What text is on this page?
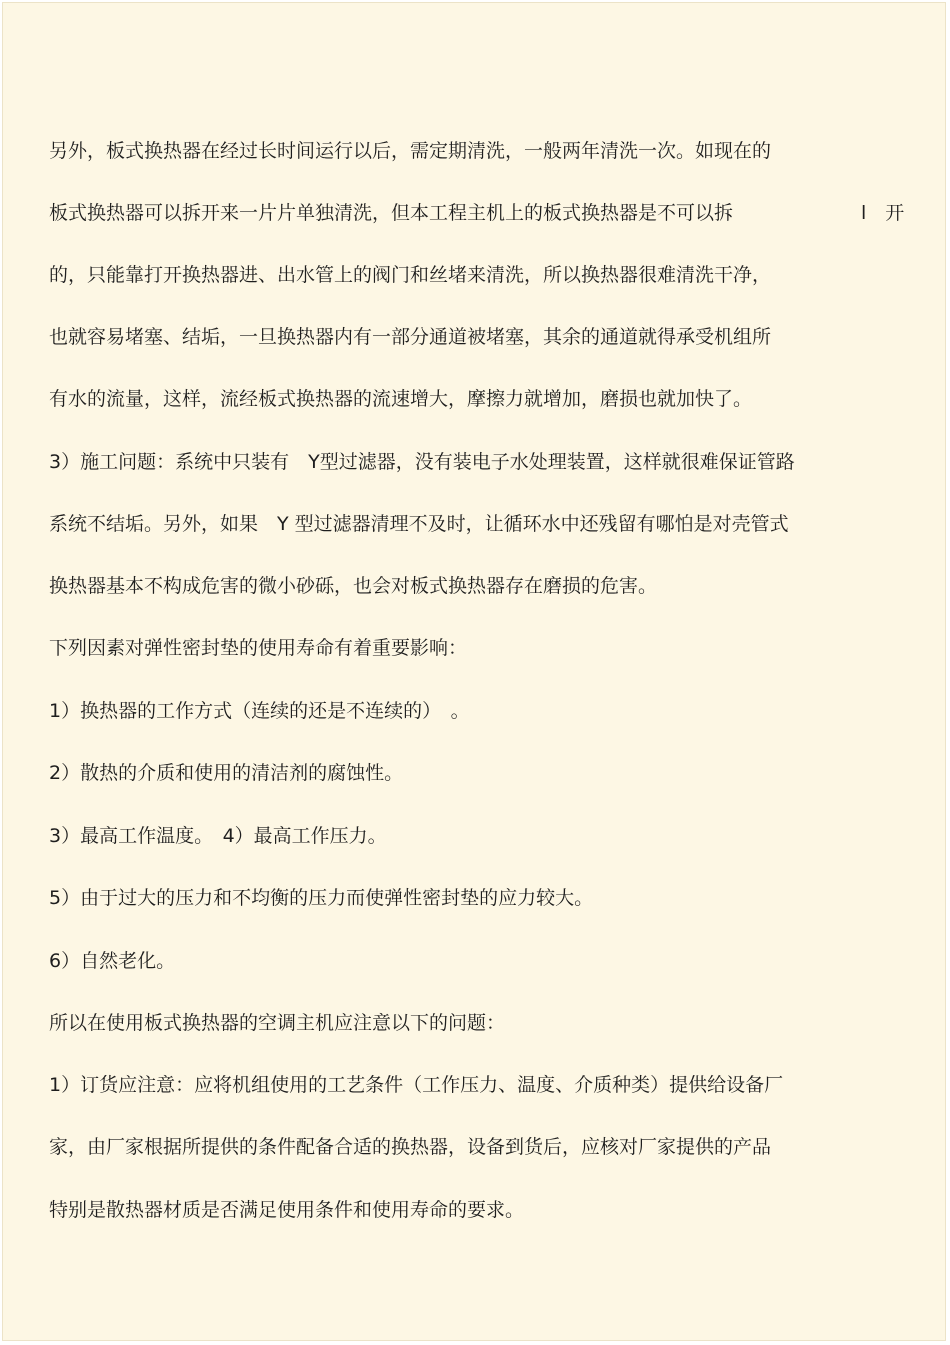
另外，板式换热器在经过长时间运行以后，需定期清洗，一般两年清洗一次。如现在的
板式换热器可以拆开来一片片单独清洗，但本工程主机上的板式换热器是不可以拆	l　开
的，只能靠打开换热器进、出水管上的阀门和丝堵来清洗，所以换热器很难清洗干净，
也就容易堵塞、结垢，一旦换热器内有一部分通道被堵塞，其余的通道就得承受机组所
有水的流量，这样，流经板式换热器的流速增大，摩擦力就增加，磨损也就加快了。
3）施工问题：系统中只装有　Y型过滤器，没有装电子水处理装置，这样就很难保证管路
系统不结垢。另外，如果　Y 型过滤器清理不及时，让循环水中还残留有哪怕是对壳管式
换热器基本不构成危害的微小砂砾，也会对板式换热器存在磨损的危害。
下列因素对弹性密封垫的使用寿命有着重要影响：
1）换热器的工作方式（连续的还是不连续的）　。
2）散热的介质和使用的清洁剂的腐蚀性。
3）最高工作温度。　4）最高工作压力。
5）由于过大的压力和不均衡的压力而使弹性密封垫的应力较大。
6）自然老化。
所以在使用板式换热器的空调主机应注意以下的问题：
1）订货应注意：应将机组使用的工艺条件（工作压力、温度、介质种类）提供给设备厂
家，由厂家根据所提供的条件配备合适的换热器，设备到货后，应核对厂家提供的产品
特别是散热器材质是否满足使用条件和使用寿命的要求。
